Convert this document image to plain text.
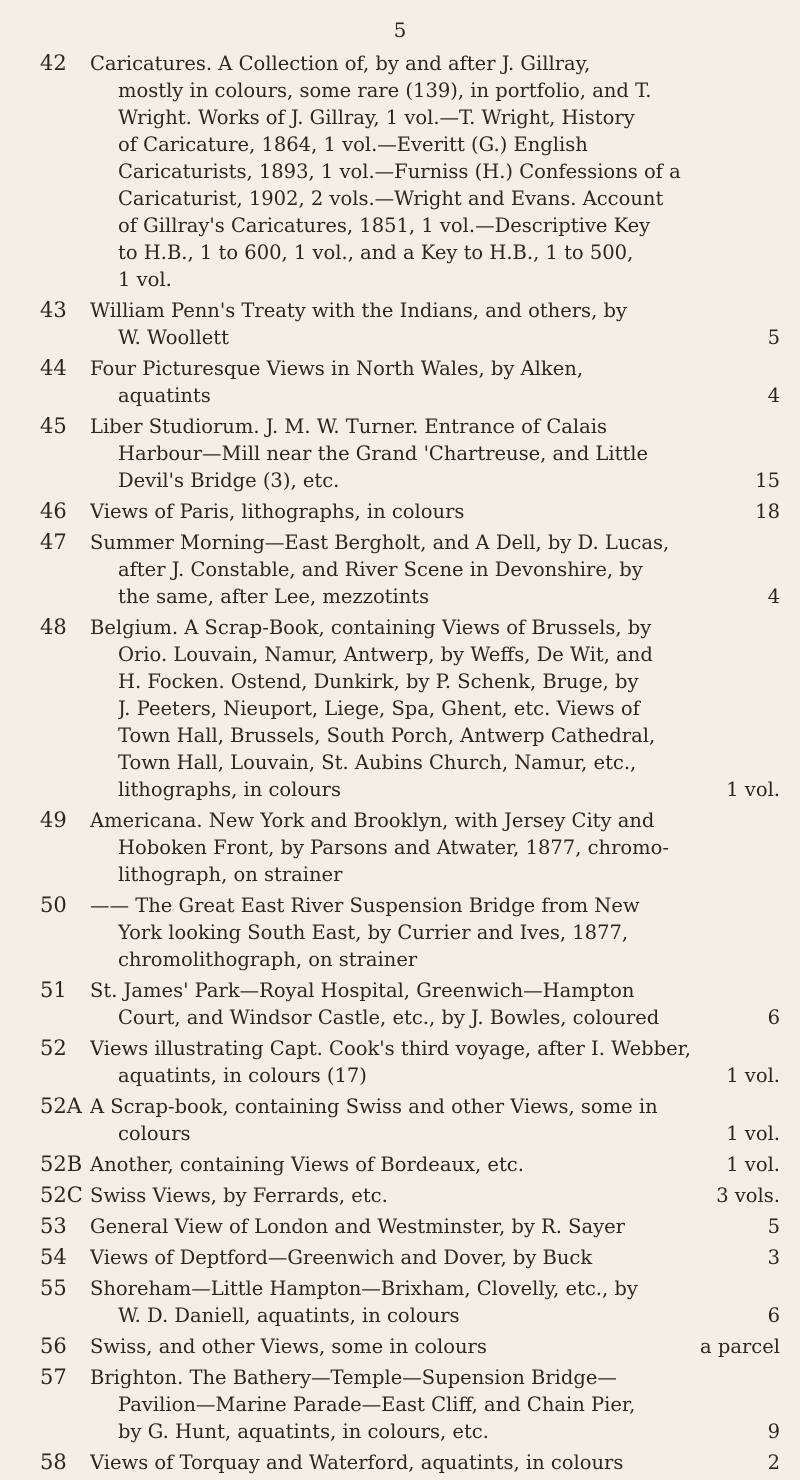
5
42	Caricatures. A Collection of, by and after J. Gillray,
mostly in colours, some rare (139), in portfolio, and T.
Wright. Works of J. Gillray, 1 vol.—T. Wright, History
of Caricature, 1864, 1 vol.—Everitt (G.) English
Caricaturists, 1893, 1 vol.—Furniss (H.) Confessions of a
Caricaturist, 1902, 2 vols.—Wright and Evans. Account
of Gillray's Caricatures, 1851, 1 vol.—Descriptive Key
to H.B., 1 to 600, 1 vol., and a Key to H.B., 1 to 500,
1 vol.
43	William Penn's Treaty with the Indians, and others, by
W. Woollett	5
44	Four Picturesque Views in North Wales, by Alken,
aquatints	4
45	Liber Studiorum. J. M. W. Turner. Entrance of Calais
Harbour—Mill near the Grand 'Chartreuse, and Little
Devil's Bridge (3), etc.	15
46	Views of Paris, lithographs, in colours	18
47	Summer Morning—East Bergholt, and A Dell, by D. Lucas,
after J. Constable, and River Scene in Devonshire, by
the same, after Lee, mezzotints	4
48	Belgium. A Scrap-Book, containing Views of Brussels, by
Orio. Louvain, Namur, Antwerp, by Weffs, De Wit, and
H. Focken. Ostend, Dunkirk, by P. Schenk, Bruge, by
J. Peeters, Nieuport, Liege, Spa, Ghent, etc. Views of
Town Hall, Brussels, South Porch, Antwerp Cathedral,
Town Hall, Louvain, St. Aubins Church, Namur, etc.,
lithographs, in colours	1 vol.
49	Americana. New York and Brooklyn, with Jersey City and
Hoboken Front, by Parsons and Atwater, 1877, chromo-
lithograph, on strainer
50	—— The Great East River Suspension Bridge from New
York looking South East, by Currier and Ives, 1877,
chromolithograph, on strainer
51	St. James' Park—Royal Hospital, Greenwich—Hampton
Court, and Windsor Castle, etc., by J. Bowles, coloured	6
52	Views illustrating Capt. Cook's third voyage, after I. Webber,
aquatints, in colours (17)	1 vol.
52A A Scrap-book, containing Swiss and other Views, some in
colours	1 vol.
52B Another, containing Views of Bordeaux, etc.	1 vol.
52C Swiss Views, by Ferrards, etc.	3 vols.
53	General View of London and Westminster, by R. Sayer	5
54	Views of Deptford—Greenwich and Dover, by Buck	3
55	Shoreham—Little Hampton—Brixham, Clovelly, etc., by
W. D. Daniell, aquatints, in colours	6
56	Swiss, and other Views, some in colours	a parcel
57	Brighton. The Bathery—Temple—Supension Bridge—
Pavilion—Marine Parade—East Cliff, and Chain Pier,
by G. Hunt, aquatints, in colours, etc.	9
58	Views of Torquay and Waterford, aquatints, in colours	2
